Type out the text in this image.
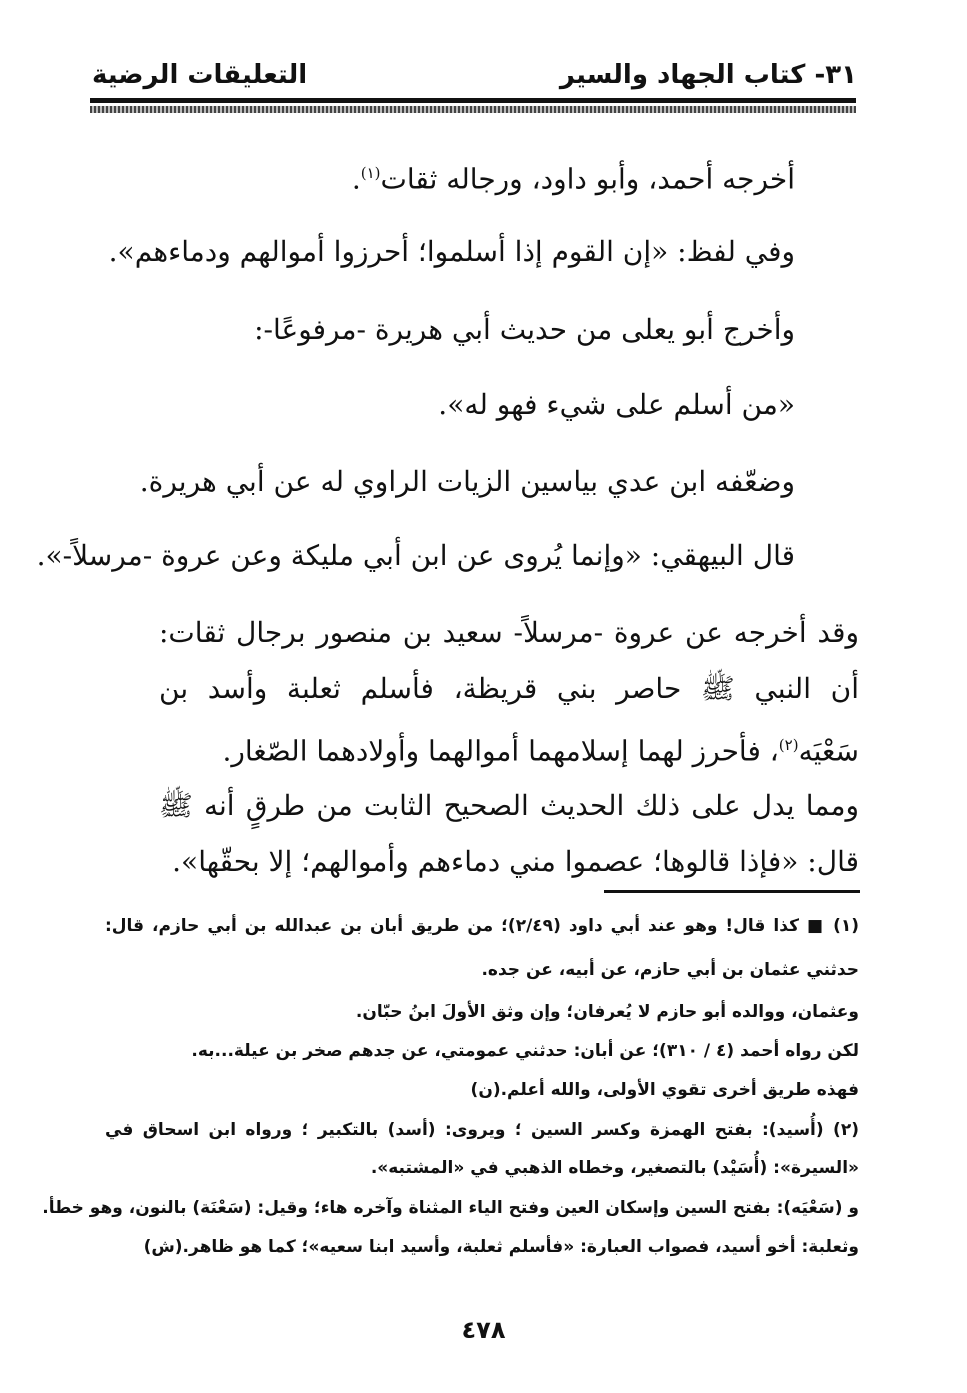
٣١- كتاب الجهاد والسير
التعليقات الرضية
أخرجه أحمد، وأبو داود، ورجاله ثقات$^{(١)}$.
وفي لفظ: «إن القوم إذا أسلموا؛ أحرزوا أموالهم ودماءهم».
وأخرج أبو يعلى من حديث أبي هريرة -مرفوعًا-:
«من أسلم على شيء فهو له».
وضعّفه ابن عدي بياسين الزيات الراوي له عن أبي هريرة.
قال البيهقي: «وإنما يُروى عن ابن أبي مليكة وعن عروة -مرسلاً-».
وقد أخرجه عن عروة -مرسلاً- سعيد بن منصور برجال ثقات: أن النبي ﷺ حاصر بني قريظة، فأسلم ثعلبة وأسد بن سَعْيَه$^{(٢)}$، فأحرز لهما إسلامهما أموالهما وأولادهما الصّغار.
ومما يدل على ذلك الحديث الصحيح الثابت من طرقٍ أنه ﷺ قال: «فإذا قالوها؛ عصموا مني دماءهم وأموالهم؛ إلا بحقّها».
(١) ■ كذا قال! وهو عند أبي داود (٢/٤٩)؛ من طريق أبان بن عبدالله بن أبي حازم، قال:
حدثني عثمان بن أبي حازم، عن أبيه، عن جده.
وعثمان، ووالده أبو حازم لا يُعرفان؛ وإن وثق الأولَ ابنُ حبّان.
لكن رواه أحمد (٤ / ٣١٠)؛ عن أبان: حدثني عمومتي، عن جدهم صخر بن عيلة...به.
فهذه طريق أخرى تقوي الأولى، والله أعلم.(ن)
(٢) (أُسيد): بفتح الهمزة وكسر السين ؛ ويروى: (أسد) بالتكبير ؛ ورواه ابن اسحاق في
«السيرة»: (أُسَيْد) بالتصغير، وخطاه الذهبي في «المشتبه».
و (سَعْيَه): بفتح السين وإسكان العين وفتح الياء المثناة وآخره هاء؛ وقيل: (سَعْنَة) بالنون، وهو خطأ.
وثعلبة: أخو أسيد، فصواب العبارة: «فأسلم ثعلبة، وأسيد ابنا سعيه»؛ كما هو ظاهر.(ش)
٤٧٨
